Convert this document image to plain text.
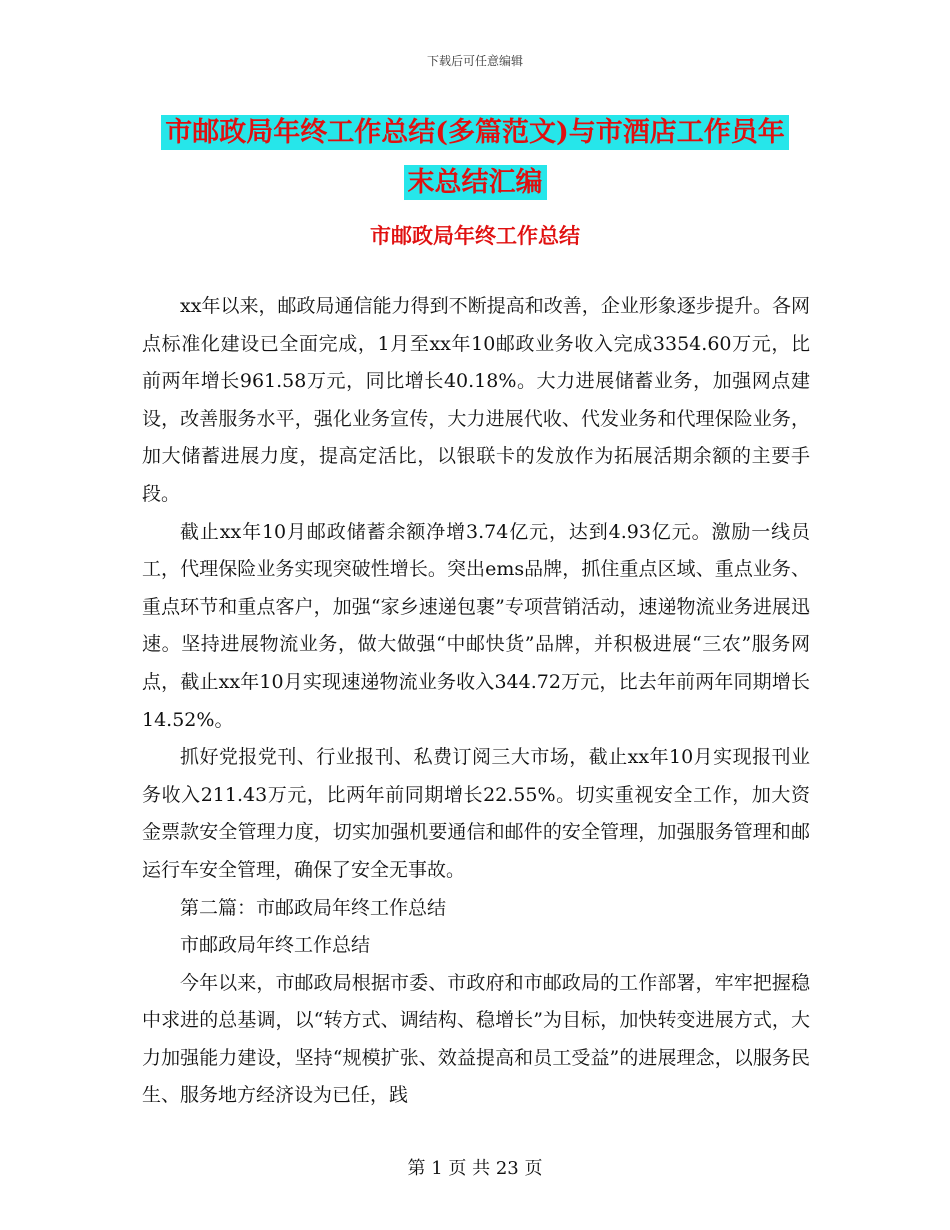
下载后可任意编辑
市邮政局年终工作总结(多篇范文)与市酒店工作员年
末总结汇编
市邮政局年终工作总结

xx年以来，邮政局通信能力得到不断提高和改善，企业形象逐步提升。各网点标准化建设已全面完成，1月至xx年10邮政业务收入完成3354.60万元，比前两年增长961.58万元，同比增长40.18%。大力进展储蓄业务，加强网点建设，改善服务水平，强化业务宣传，大力进展代收、代发业务和代理保险业务，加大储蓄进展力度，提高定活比，以银联卡的发放作为拓展活期余额的主要手段。

截止xx年10月邮政储蓄余额净增3.74亿元，达到4.93亿元。激励一线员工，代理保险业务实现突破性增长。突出ems品牌，抓住重点区域、重点业务、重点环节和重点客户，加强“家乡速递包裹”专项营销活动，速递物流业务进展迅速。坚持进展物流业务，做大做强“中邮快货”品牌，并积极进展“三农”服务网点，截止xx年10月实现速递物流业务收入344.72万元，比去年前两年同期增长14.52%。

抓好党报党刊、行业报刊、私费订阅三大市场，截止xx年10月实现报刊业务收入211.43万元，比两年前同期增长22.55%。切实重视安全工作，加大资金票款安全管理力度，切实加强机要通信和邮件的安全管理，加强服务管理和邮运行车安全管理，确保了安全无事故。

第二篇：市邮政局年终工作总结

市邮政局年终工作总结

今年以来，市邮政局根据市委、市政府和市邮政局的工作部署，牢牢把握稳中求进的总基调，以“转方式、调结构、稳增长”为目标，加快转变进展方式，大力加强能力建设，坚持“规模扩张、效益提高和员工受益”的进展理念，以服务民生、服务地方经济设为已任，践

第 1 页 共 23 页
